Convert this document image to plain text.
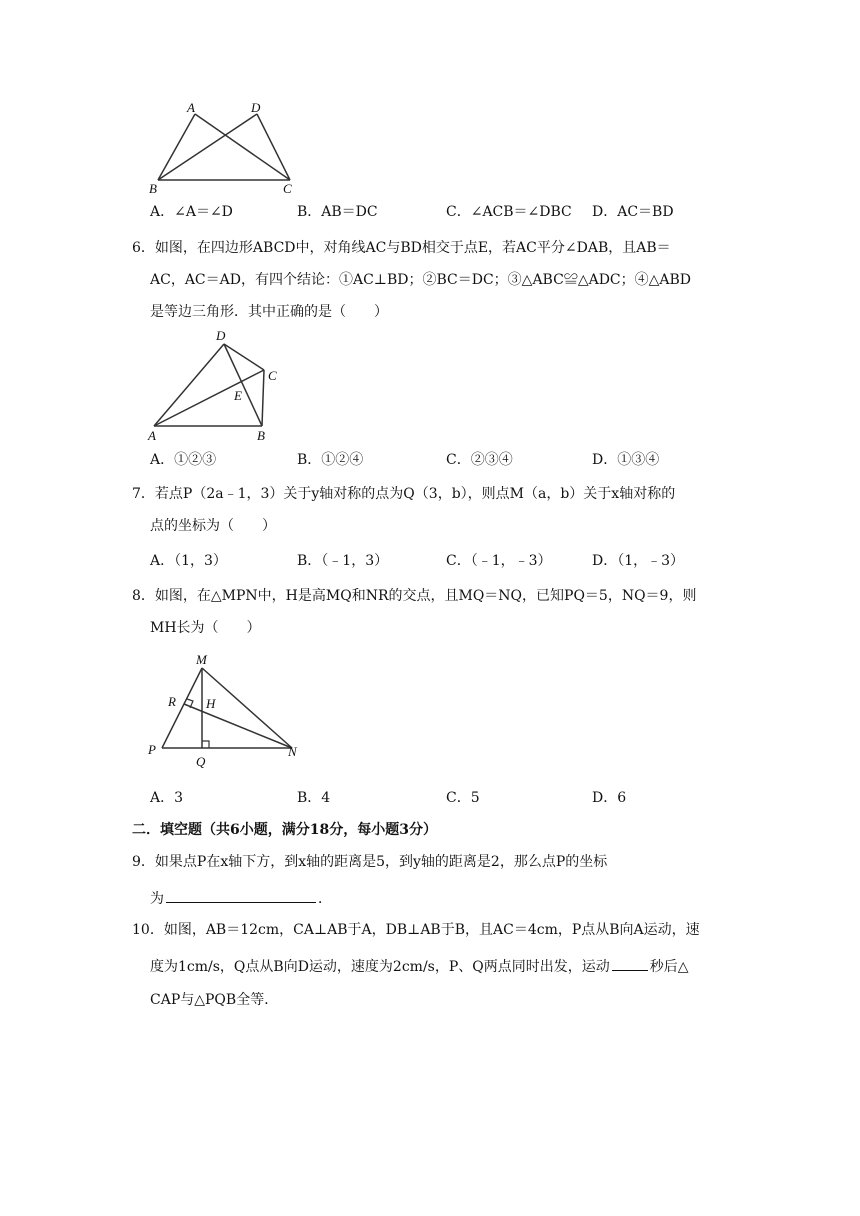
A	D
B	C
A．∠A＝∠D	B．AB＝DC	C．∠ACB＝∠DBC D．AC＝BD
6．如图，在四边形ABCD中，对角线AC与BD相交于点E，若AC平分∠DAB，且AB＝
AC，AC＝AD，有四个结论：①AC⊥BD；②BC＝DC；③△ABC≌△ADC；④△ABD
是等边三角形．其中正确的是（　　）
D
C
E
A	B
A．①②③	B．①②④	C．②③④	D．①③④
7．若点P（2a﹣1，3）关于y轴对称的点为Q（3，b），则点M（a，b）关于x轴对称的
点的坐标为（　　）
A．（1，3）	B．（﹣1，3）	C．（﹣1，﹣3）	D．（1，﹣3）
8．如图，在△MPN中，H是高MQ和NR的交点，且MQ＝NQ，已知PQ＝5，NQ＝9，则
MH长为（　　）
M
R H
P
Q
N
A．3	B．4	C．5	D．6
二．填空题（共6小题，满分18分，每小题3分）
9．如果点P在x轴下方，到x轴的距离是5，到y轴的距离是2，那么点P的坐标
为	．
10．如图，AB＝12cm，CA⊥AB于A，DB⊥AB于B，且AC＝4cm，P点从B向A运动，速
度为1cm/s，Q点从B向D运动，速度为2cm/s，P、Q两点同时出发，运动	秒后△
CAP与△PQB全等．
